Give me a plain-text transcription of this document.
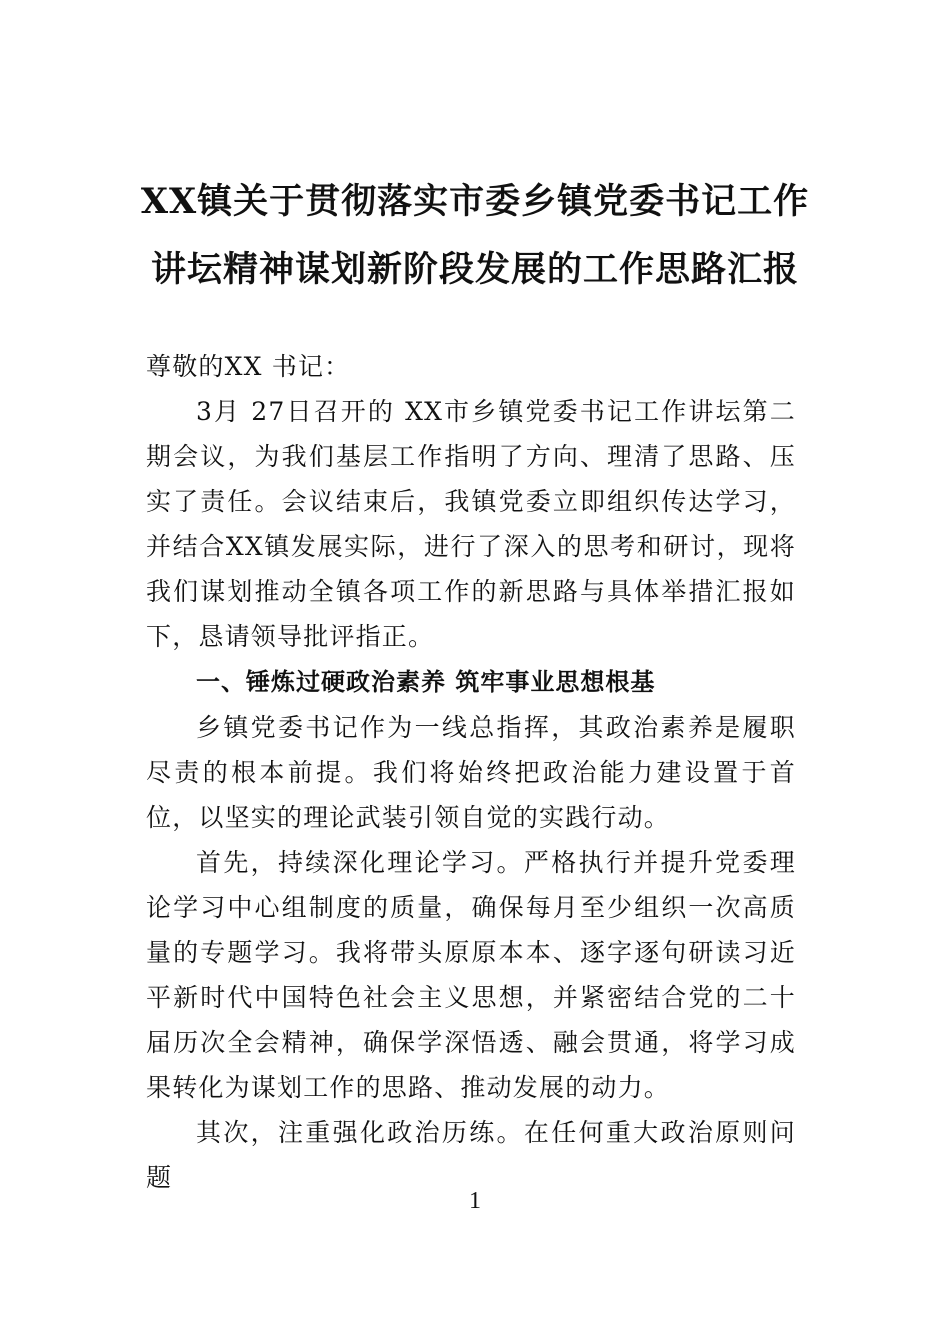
XX镇关于贯彻落实市委乡镇党委书记工作
讲坛精神谋划新阶段发展的工作思路汇报

尊敬的XX 书记：

3月 27日召开的 XX市乡镇党委书记工作讲坛第二期会议，为我们基层工作指明了方向、理清了思路、压实了责任。会议结束后，我镇党委立即组织传达学习，并结合XX镇发展实际，进行了深入的思考和研讨，现将我们谋划推动全镇各项工作的新思路与具体举措汇报如下，恳请领导批评指正。

一、锤炼过硬政治素养 筑牢事业思想根基

乡镇党委书记作为一线总指挥，其政治素养是履职尽责的根本前提。我们将始终把政治能力建设置于首位，以坚实的理论武装引领自觉的实践行动。

首先，持续深化理论学习。严格执行并提升党委理论学习中心组制度的质量，确保每月至少组织一次高质量的专题学习。我将带头原原本本、逐字逐句研读习近平新时代中国特色社会主义思想，并紧密结合党的二十届历次全会精神，确保学深悟透、融会贯通，将学习成果转化为谋划工作的思路、推动发展的动力。

其次，注重强化政治历练。在任何重大政治原则问题

1
